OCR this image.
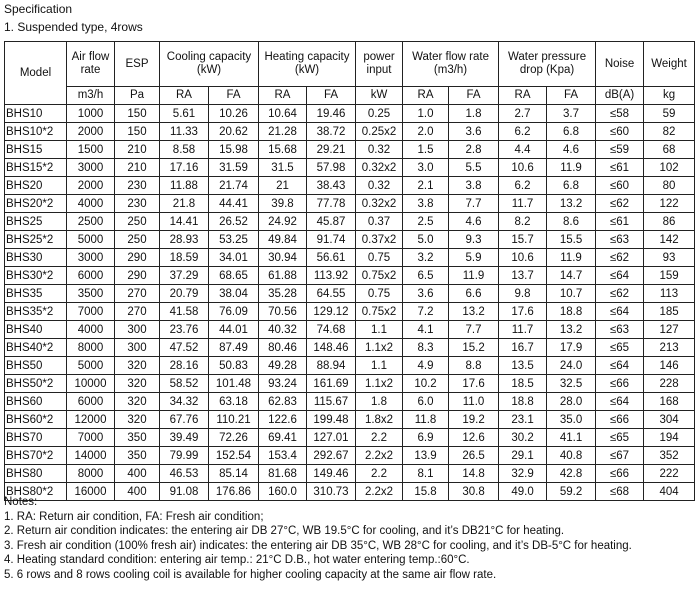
Specification
1. Suspended type, 4rows
Model	Air flow rate	ESP	Cooling capacity (kW)		Heating capacity (kW)		power input	Water flow rate (m3/h)		Water pressure drop (Kpa)		Noise	Weight
	m3/h	Pa	RA	FA	RA	FA	kW	RA	FA	RA	FA	dB(A)	kg
BHS10	1000	150	5.61	10.26	10.64	19.46	0.25	1.0	1.8	2.7	3.7	≤58	59
BHS10*2	2000	150	11.33	20.62	21.28	38.72	0.25x2	2.0	3.6	6.2	6.8	≤60	82
BHS15	1500	210	8.58	15.98	15.68	29.21	0.32	1.5	2.8	4.4	4.6	≤59	68
BHS15*2	3000	210	17.16	31.59	31.5	57.98	0.32x2	3.0	5.5	10.6	11.9	≤61	102
BHS20	2000	230	11.88	21.74	21	38.43	0.32	2.1	3.8	6.2	6.8	≤60	80
BHS20*2	4000	230	21.8	44.41	39.8	77.78	0.32x2	3.8	7.7	11.7	13.2	≤62	122
BHS25	2500	250	14.41	26.52	24.92	45.87	0.37	2.5	4.6	8.2	8.6	≤61	86
BHS25*2	5000	250	28.93	53.25	49.84	91.74	0.37x2	5.0	9.3	15.7	15.5	≤63	142
BHS30	3000	290	18.59	34.01	30.94	56.61	0.75	3.2	5.9	10.6	11.9	≤62	93
BHS30*2	6000	290	37.29	68.65	61.88	113.92	0.75x2	6.5	11.9	13.7	14.7	≤64	159
BHS35	3500	270	20.79	38.04	35.28	64.55	0.75	3.6	6.6	9.8	10.7	≤62	113
BHS35*2	7000	270	41.58	76.09	70.56	129.12	0.75x2	7.2	13.2	17.6	18.8	≤64	185
BHS40	4000	300	23.76	44.01	40.32	74.68	1.1	4.1	7.7	11.7	13.2	≤63	127
BHS40*2	8000	300	47.52	87.49	80.46	148.46	1.1x2	8.3	15.2	16.7	17.9	≤65	213
BHS50	5000	320	28.16	50.83	49.28	88.94	1.1	4.9	8.8	13.5	24.0	≤64	146
BHS50*2	10000	320	58.52	101.48	93.24	161.69	1.1x2	10.2	17.6	18.5	32.5	≤66	228
BHS60	6000	320	34.32	63.18	62.83	115.67	1.8	6.0	11.0	18.8	28.0	≤64	168
BHS60*2	12000	320	67.76	110.21	122.6	199.48	1.8x2	11.8	19.2	23.1	35.0	≤66	304
BHS70	7000	350	39.49	72.26	69.41	127.01	2.2	6.9	12.6	30.2	41.1	≤65	194
BHS70*2	14000	350	79.99	152.54	153.4	292.67	2.2x2	13.9	26.5	29.1	40.8	≤67	352
BHS80	8000	400	46.53	85.14	81.68	149.46	2.2	8.1	14.8	32.9	42.8	≤66	222
BHS80*2	16000	400	91.08	176.86	160.0	310.73	2.2x2	15.8	30.8	49.0	59.2	≤68	404
Notes:
1. RA: Return air condition, FA: Fresh air condition;
2. Return air condition indicates: the entering air DB 27°C, WB 19.5°C for cooling, and it’s DB21°C for heating.
3. Fresh air condition (100% fresh air) indicates: the entering air DB 35°C, WB 28°C for cooling, and it’s DB-5°C for heating.
4. Heating standard condition: entering air temp.: 21°C D.B., hot water entering temp.:60°C.
5. 6 rows and 8 rows cooling coil is available for higher cooling capacity at the same air flow rate.
